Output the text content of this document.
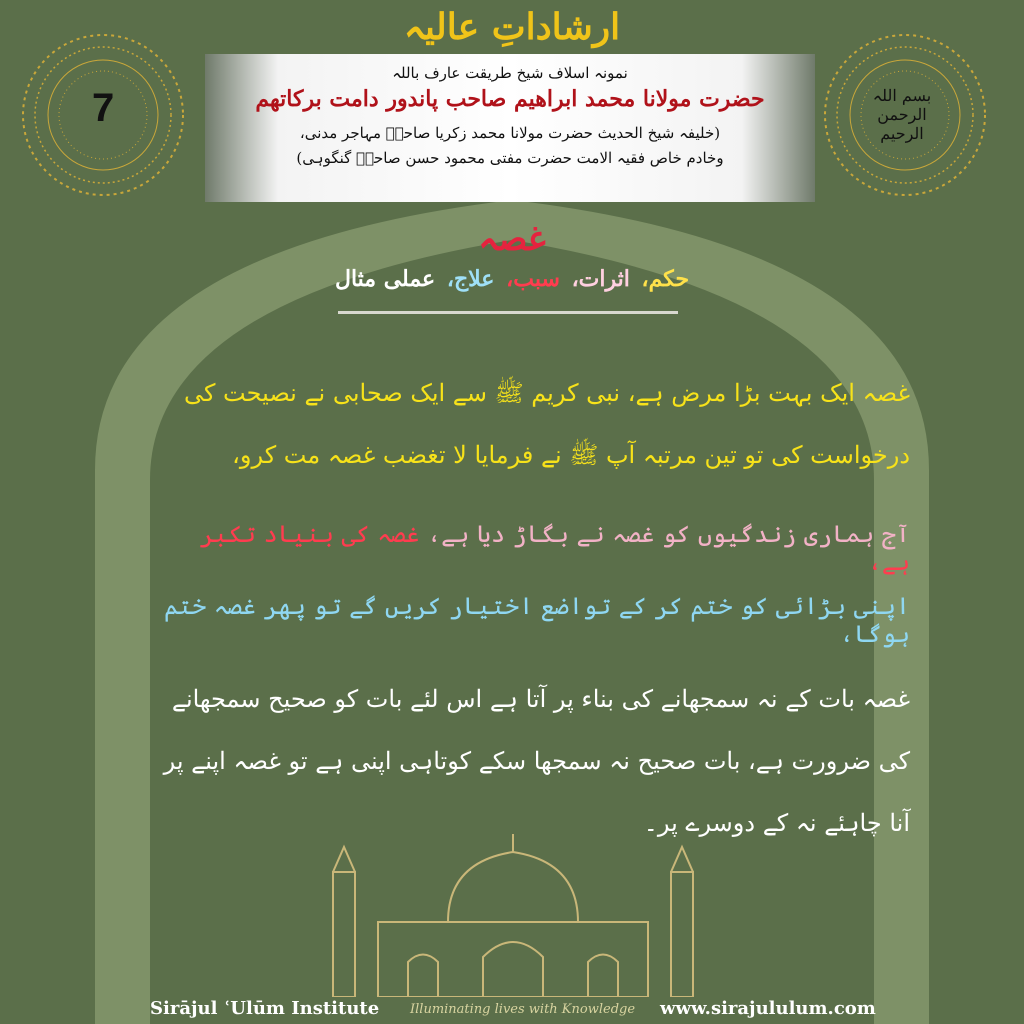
7	بسم اللہ الرحمن الرحیم
ارشاداتِ عالیہ
نمونہ اسلاف شیخ طریقت عارف باللہ
حضرت مولانا محمد ابراھیم صاحب پاندور دامت برکاتھم
(خلیفہ شیخ الحدیث حضرت مولانا محمد زکریا صاحبؒ مہاجر مدنی،
وخادم خاص فقیہ الامت حضرت مفتی محمود حسن صاحبؒ گنگوہی)
غصہ
حکم، اثرات، سبب، علاج، عملی مثال
غصہ ایک بہت بڑا مرض ہے، نبی کریم ﷺ سے ایک صحابی نے نصیحت کی درخواست کی تو تین مرتبہ آپ ﷺ نے فرمایا لا تغضب غصہ مت کرو،
آج ہماری زندگیوں کو غصہ نے بگاڑ دیا ہے، غصہ کی بنیاد تکبر ہے،
اپنی بڑائی کو ختم کر کے تواضع اختیار کریں گے تو پھر غصہ ختم ہوگا،
غصہ بات کے نہ سمجھانے کی بناء پر آتا ہے اس لئے بات کو صحیح سمجھانے کی ضرورت ہے، بات صحیح نہ سمجھا سکے کوتاہی اپنی ہے تو غصہ اپنے پر آنا چاہئے نہ کے دوسرے پر۔
Sirājul ʿUlūm Institute Illuminating lives with Knowledge www.sirajululum.com
